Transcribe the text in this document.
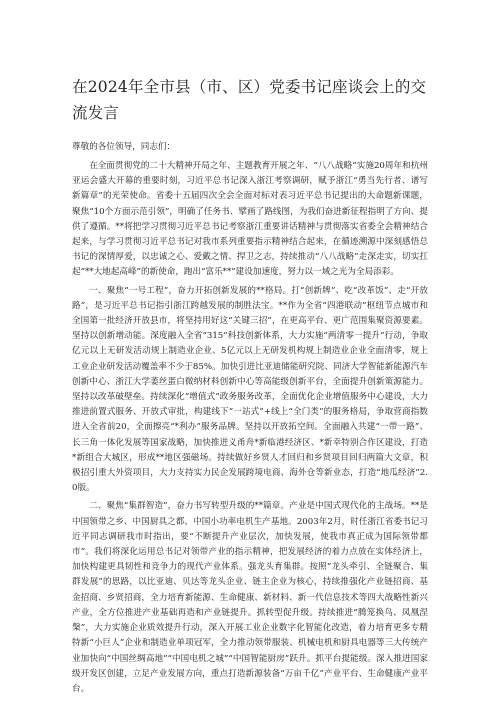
在2024年全市县（市、区）党委书记座谈会上的交流发言

尊敬的各位领导，同志们：

在全面贯彻党的二十大精神开局之年、主题教育开展之年、“八八战略”实施20周年和杭州亚运会盛大开幕的重要时刻，习近平总书记深入浙江考察调研，赋予浙江“勇当先行者、谱写新篇章”的光荣使命。省委十五届四次全会全面对标对表习近平总书记提出的大命题新课题，聚焦“10个方面示范引领”，明确了任务书、擘画了路线图，为我们奋进新征程指明了方向、提供了遵循。**将把学习贯彻习近平总书记考察浙江重要讲话精神与贯彻落实省委全会精神结合起来，与学习贯彻习近平总书记对我市系列重要指示精神结合起来，在循迹溯源中深刻感悟总书记的深情厚爱，以忠诚之心、爱戴之情、捍卫之志，持续推动“八八战略”走深走实，切实扛起“**大地起高峰”的新使命，跑出“富乐**”建设加速度，努力以一域之光为全局添彩。

一、聚焦“一号工程”，奋力开拓创新发展的**格局。打“创新牌”、吃“改革饭”、走“开放路”，是习近平总书记指引浙江跨越发展的制胜法宝。**作为全省“四港联动”枢纽节点城市和全国第一批经济开放县市，将坚持用好这“关键三招”，在更高平台、更广范围集聚资源要素。坚持以创新增动能。深度融入全省“315”科技创新体系，大力实施“两清零一提升”行动，争取亿元以上无研发活动规上制造业企业、5亿元以上无研发机构规上制造业企业全面清零，规上工业企业研发活动覆盖率不少于85%。加快引进比亚迪储能研究院、同济大学智能新能源汽车创新中心、浙江大学萎丝蛋白微纳材料创新中心等高能级创新平台，全面提升创新策源能力。坚持以改革破壁垒。持续深化“增值式”政务服务改革，全面优化企业增值服务中心建设，大力推进前置式服务、开放式审批，构建线下“一站式”+线上“全门类”的服务格局，争取营商指数进入全省前20，全面擦亮“*利办”服务品牌。坚持以开放拓空间。全面融入共建“一带一路”、长三角一体化发展等国家战略，加快推进义甬舟*新临港经济区、*新幸特别合作区建设，打造*新组合大城区，形成**地区强磁场。持续做好乡贤人才回归和乡贤项目回归两篇大文章，积极招引重大外资项目，大力支持实力民企发展跨境电商、海外仓等新业态，打造“地瓜经济”2.0版。

二、聚焦“集群智造”，奋力书写转型升级的**篇章。产业是中国式现代化的主战场。**是中国领带之乡、中国厨具之都、中国小功率电机生产基地。2003年2月，时任浙江省委书记习近平同志调研我市时指出，要“不断提升产业层次，加快发展，使我市真正成为国际领带都市”。我们将深化运用总书记对领带产业的指示精神，把发展经济的着力点放在实体经济上，加快构建更具韧性和竞争力的现代产业体系。强龙头育集群。按照“龙头牵引、全链聚合、集群发展”的思路，以比亚迪、贝达等龙头企业、链主企业为核心，持续推强化产业链招商、基金招商、乡贤招商，全力培育新能源、生命健康、新材料、新一代信息技术等四大战略性新兴产业，全方位推进产业基础再造和产业链提升。抓转型促升级。持续推进“腾笼换鸟、凤凰涅槃”，大力实施企业质效提升行动，深入开展工业企业数字化智能化改造，着力培育更多专精特新“小巨人”企业和制造业单项冠军，全力推动领带服装、机械电机和厨具电器等三大传统产业加快向“中国丝绸高地”“中国电机之城”“中国智能厨房”跃升。抓平台提能级。深入推进国家级开发区创建，立足产业发展方向，重点打造新源装备“万亩千亿”产业平台、生命健康产业平台。
